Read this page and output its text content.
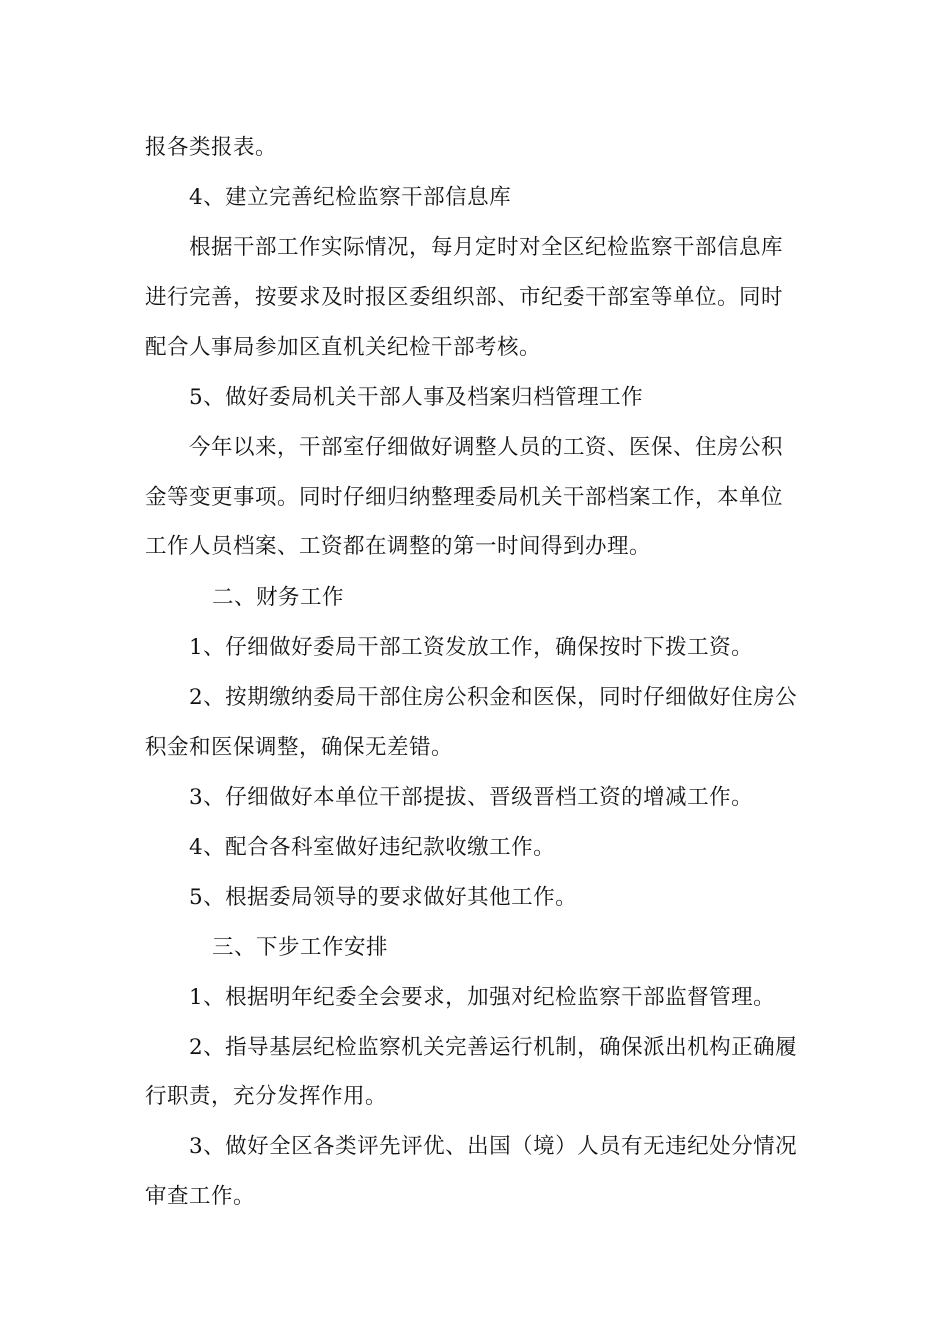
报各类报表。
4、建立完善纪检监察干部信息库
根据干部工作实际情况，每月定时对全区纪检监察干部信息库
进行完善，按要求及时报区委组织部、市纪委干部室等单位。同时
配合人事局参加区直机关纪检干部考核。
5、做好委局机关干部人事及档案归档管理工作
今年以来，干部室仔细做好调整人员的工资、医保、住房公积
金等变更事项。同时仔细归纳整理委局机关干部档案工作，本单位
工作人员档案、工资都在调整的第一时间得到办理。
二、财务工作
1、仔细做好委局干部工资发放工作，确保按时下拨工资。
2、按期缴纳委局干部住房公积金和医保，同时仔细做好住房公
积金和医保调整，确保无差错。
3、仔细做好本单位干部提拔、晋级晋档工资的增减工作。
4、配合各科室做好违纪款收缴工作。
5、根据委局领导的要求做好其他工作。
三、下步工作安排
1、根据明年纪委全会要求，加强对纪检监察干部监督管理。
2、指导基层纪检监察机关完善运行机制，确保派出机构正确履
行职责，充分发挥作用。
3、做好全区各类评先评优、出国（境）人员有无违纪处分情况
审查工作。
